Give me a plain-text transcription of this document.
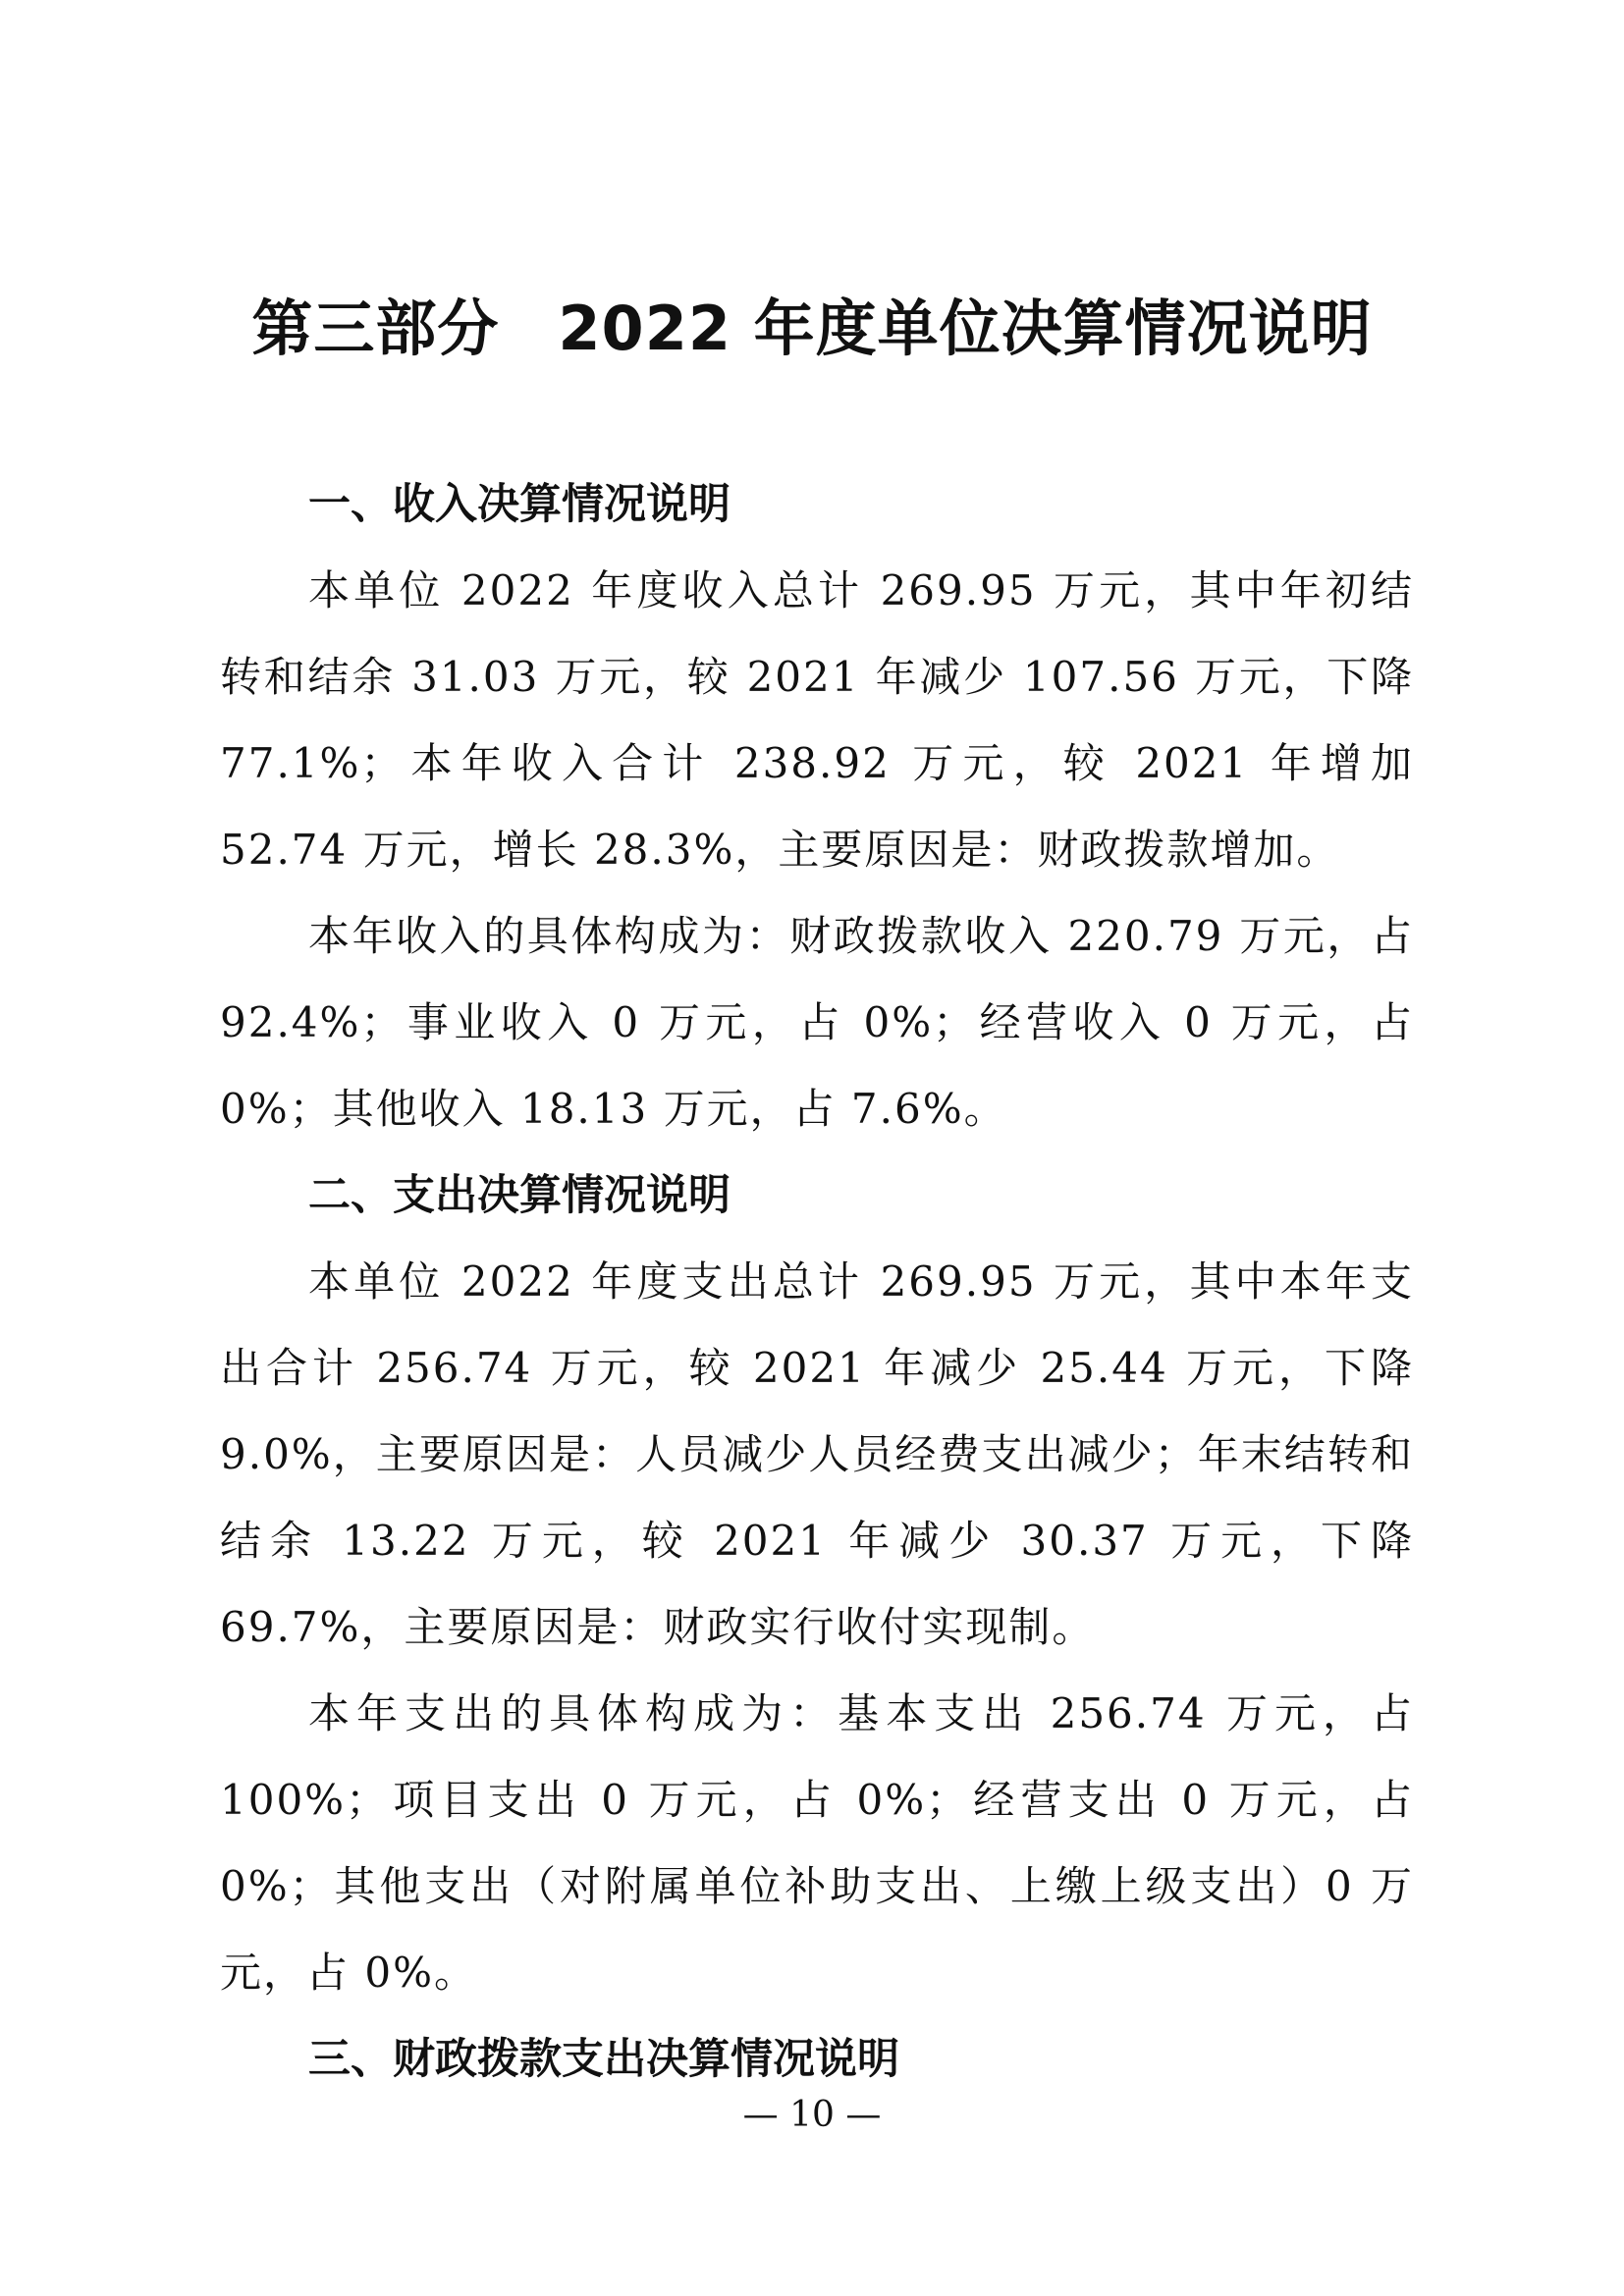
第三部分 2022 年度单位决算情况说明
一、收入决算情况说明

本单位 2022 年度收入总计 269.95 万元，其中年初结转和结余 31.03 万元，较 2021 年减少 107.56 万元，下降 77.1%；本年收入合计 238.92 万元，较 2021 年增加 52.74 万元，增长 28.3%，主要原因是：财政拨款增加。

本年收入的具体构成为：财政拨款收入 220.79 万元，占 92.4%；事业收入 0 万元，占 0%；经营收入 0 万元，占 0%；其他收入 18.13 万元，占 7.6%。

二、支出决算情况说明

本单位 2022 年度支出总计 269.95 万元，其中本年支出合计 256.74 万元，较 2021 年减少 25.44 万元，下降 9.0%，主要原因是：人员减少人员经费支出减少；年末结转和结余 13.22 万元，较 2021 年减少 30.37 万元，下降 69.7%，主要原因是：财政实行收付实现制。

本年支出的具体构成为：基本支出 256.74 万元，占 100%；项目支出 0 万元，占 0%；经营支出 0 万元，占 0%；其他支出（对附属单位补助支出、上缴上级支出）0 万元，占 0%。

三、财政拨款支出决算情况说明
— 10 —
